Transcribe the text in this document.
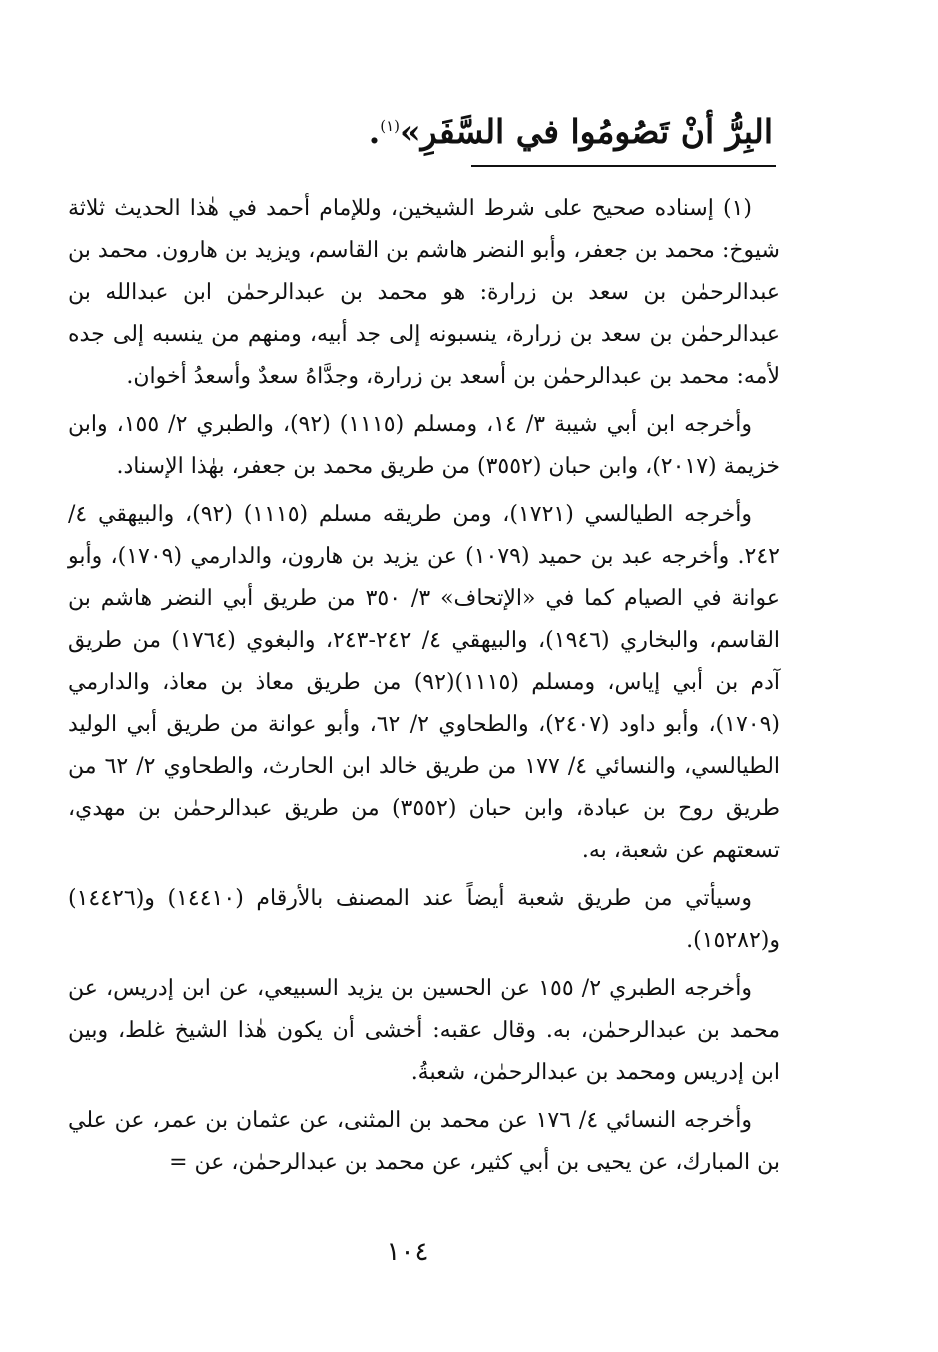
البِرُّ أنْ تَصُومُوا في السَّفَرِ»$^{(١)}$.

(١) إسناده صحيح على شرط الشيخين، وللإمام أحمد في هٰذا الحديث ثلاثة شيوخ: محمد بن جعفر، وأبو النضر هاشم بن القاسم، ويزيد بن هارون. محمد بن عبدالرحمٰن بن سعد بن زرارة: هو محمد بن عبدالرحمٰن ابن عبدالله بن عبدالرحمٰن بن سعد بن زرارة، ينسبونه إلى جد أبيه، ومنهم من ينسبه إلى جده لأمه: محمد بن عبدالرحمٰن بن أسعد بن زرارة، وجدَّاهُ سعدٌ وأسعدُ أخوان.

وأخرجه ابن أبي شيبة ٣/ ١٤، ومسلم (١١١٥) (٩٢)، والطبري ٢/ ١٥٥، وابن خزيمة (٢٠١٧)، وابن حبان (٣٥٥٢) من طريق محمد بن جعفر، بهٰذا الإسناد.

وأخرجه الطيالسي (١٧٢١)، ومن طريقه مسلم (١١١٥) (٩٢)، والبيهقي ٤/ ٢٤٢. وأخرجه عبد بن حميد (١٠٧٩) عن يزيد بن هارون، والدارمي (١٧٠٩)، وأبو عوانة في الصيام كما في «الإتحاف» ٣/ ٣٥٠ من طريق أبي النضر هاشم بن القاسم، والبخاري (١٩٤٦)، والبيهقي ٤/ ٢٤٢-٢٤٣، والبغوي (١٧٦٤) من طريق آدم بن أبي إياس، ومسلم (١١١٥)(٩٢) من طريق معاذ بن معاذ، والدارمي (١٧٠٩)، وأبو داود (٢٤٠٧)، والطحاوي ٢/ ٦٢، وأبو عوانة من طريق أبي الوليد الطيالسي، والنسائي ٤/ ١٧٧ من طريق خالد ابن الحارث، والطحاوي ٢/ ٦٢ من طريق روح بن عبادة، وابن حبان (٣٥٥٢) من طريق عبدالرحمٰن بن مهدي، تسعتهم عن شعبة، به.

وسيأتي من طريق شعبة أيضاً عند المصنف بالأرقام (١٤٤١٠) و(١٤٤٢٦) و(١٥٢٨٢).

وأخرجه الطبري ٢/ ١٥٥ عن الحسين بن يزيد السبيعي، عن ابن إدريس، عن محمد بن عبدالرحمٰن، به. وقال عقبه: أخشى أن يكون هٰذا الشيخ غلط، وبين ابن إدريس ومحمد بن عبدالرحمٰن، شعبةُ.

وأخرجه النسائي ٤/ ١٧٦ عن محمد بن المثنى، عن عثمان بن عمر، عن علي بن المبارك، عن يحيى بن أبي كثير، عن محمد بن عبدالرحمٰن، عن =

١٠٤
